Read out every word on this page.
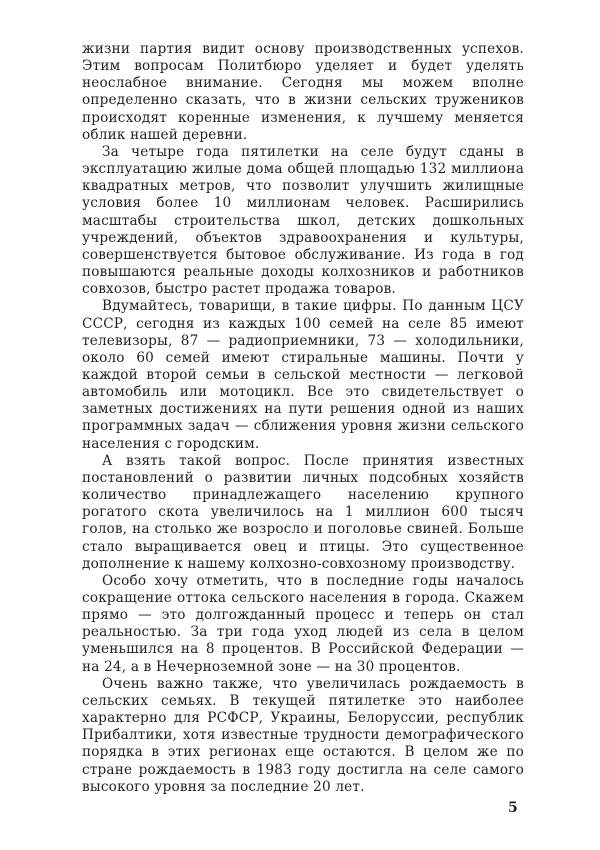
жизни партия видит основу производственных успехов. Этим вопросам Политбюро уделяет и будет уделять неослабное внимание. Сегодня мы можем вполне определенно сказать, что в жизни сельских тружеников происходят коренные изменения, к лучшему меняется облик нашей деревни.

За четыре года пятилетки на селе будут сданы в эксплуатацию жилые дома общей площадью 132 миллиона квадратных метров, что позволит улучшить жилищные условия более 10 миллионам человек. Расширились масштабы строительства школ, детских дошкольных учреждений, объектов здравоохранения и культуры, совершенствуется бытовое обслуживание. Из года в год повышаются реальные доходы колхозников и работников совхозов, быстро растет продажа товаров.

Вдумайтесь, товарищи, в такие цифры. По данным ЦСУ СССР, сегодня из каждых 100 семей на селе 85 имеют телевизоры, 87 — радиоприемники, 73 — холодильники, около 60 семей имеют стиральные машины. Почти у каждой второй семьи в сельской местности — легковой автомобиль или мотоцикл. Все это свидетельствует о заметных достижениях на пути решения одной из наших программных задач — сближения уровня жизни сельского населения с городским.

А взять такой вопрос. После принятия известных постановлений о развитии личных подсобных хозяйств количество принадлежащего населению крупного рогатого скота увеличилось на 1 миллион 600 тысяч голов, на столько же возросло и поголовье свиней. Больше стало выращивается овец и птицы. Это существенное дополнение к нашему колхозно-совхозному производству.

Особо хочу отметить, что в последние годы началось сокращение оттока сельского населения в города. Скажем прямо — это долгожданный процесс и теперь он стал реальностью. За три года уход людей из села в целом уменьшился на 8 процентов. В Российской Федерации — на 24, а в Нечерноземной зоне — на 30 процентов.

Очень важно также, что увеличилась рождаемость в сельских семьях. В текущей пятилетке это наиболее характерно для РСФСР, Украины, Белоруссии, республик Прибалтики, хотя известные трудности демографического порядка в этих регионах еще остаются. В целом же по стране рождаемость в 1983 году достигла на селе самого высокого уровня за последние 20 лет.

5
